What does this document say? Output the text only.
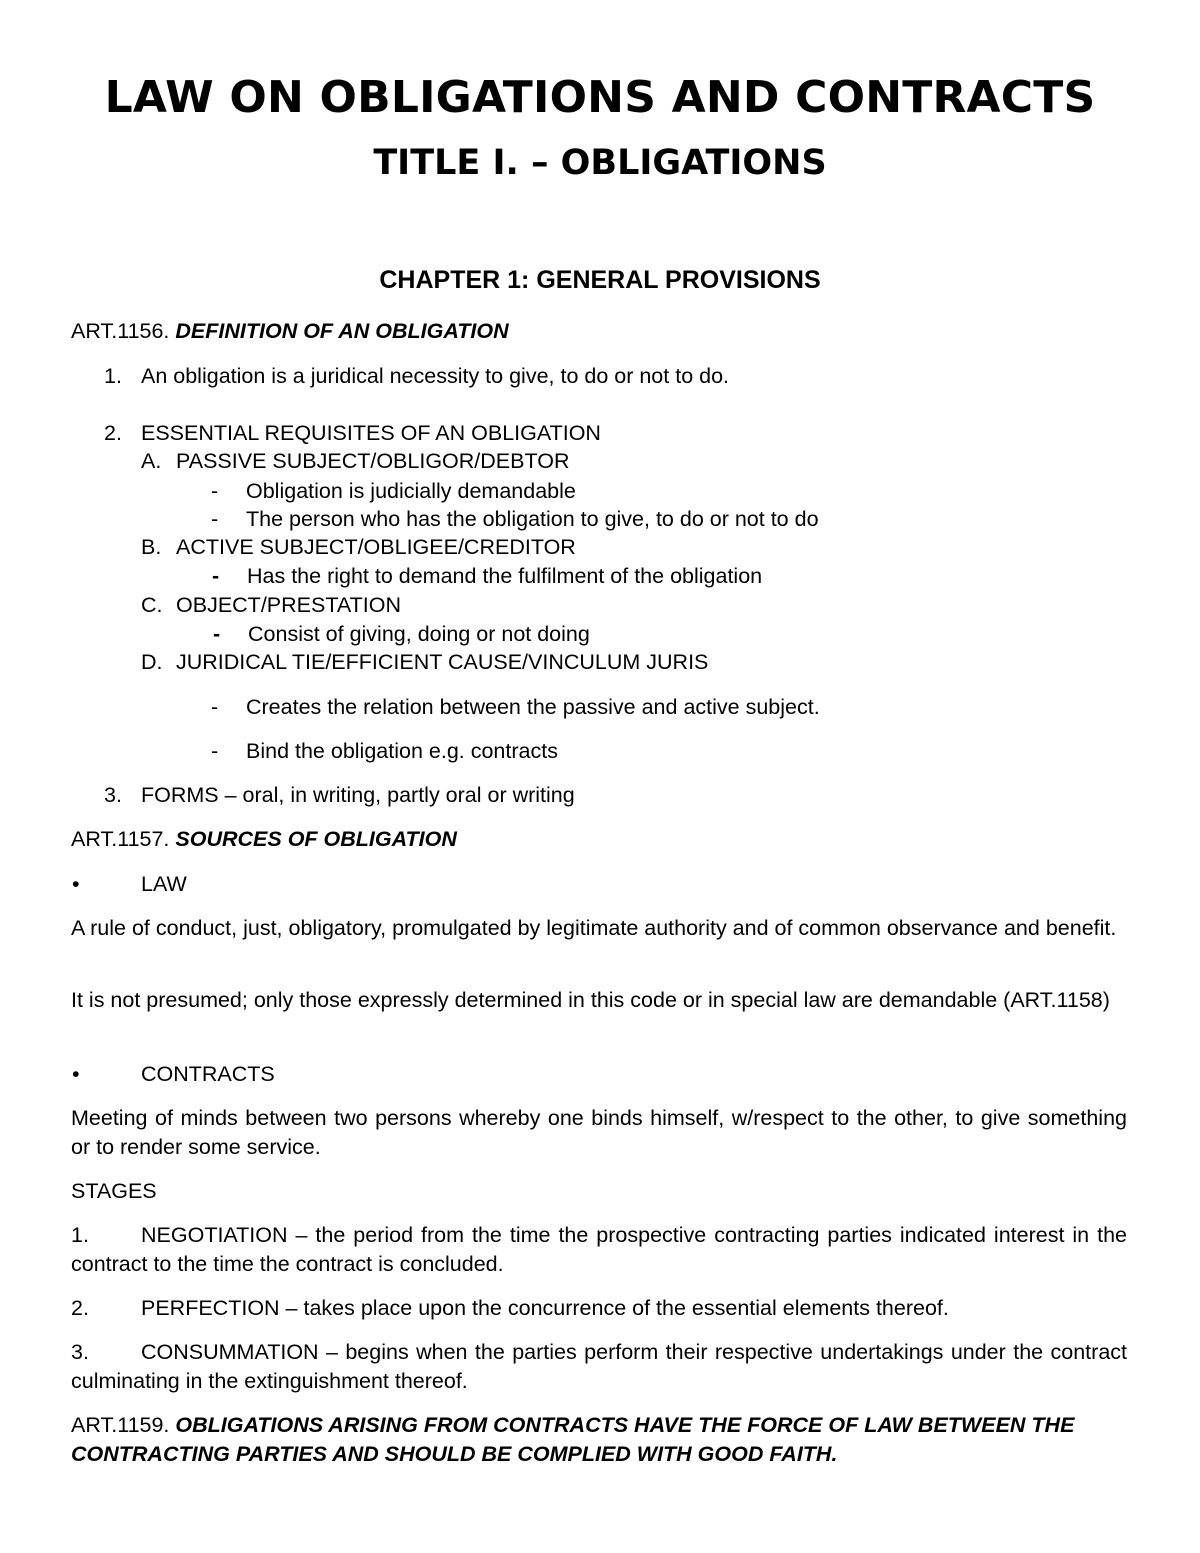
LAW ON OBLIGATIONS AND CONTRACTS
TITLE I. – OBLIGATIONS
CHAPTER 1: GENERAL PROVISIONS
ART.1156. DEFINITION OF AN OBLIGATION
1. An obligation is a juridical necessity to give, to do or not to do.
2. ESSENTIAL REQUISITES OF AN OBLIGATION
A. PASSIVE SUBJECT/OBLIGOR/DEBTOR
- Obligation is judicially demandable
- The person who has the obligation to give, to do or not to do
B. ACTIVE SUBJECT/OBLIGEE/CREDITOR
- Has the right to demand the fulfilment of the obligation
C. OBJECT/PRESTATION
- Consist of giving, doing or not doing
D. JURIDICAL TIE/EFFICIENT CAUSE/VINCULUM JURIS
- Creates the relation between the passive and active subject.
- Bind the obligation e.g. contracts
3. FORMS – oral, in writing, partly oral or writing
ART.1157. SOURCES OF OBLIGATION
•	LAW
A rule of conduct, just, obligatory, promulgated by legitimate authority and of common observance and benefit.
It is not presumed; only those expressly determined in this code or in special law are demandable (ART.1158)
•	CONTRACTS
Meeting of minds between two persons whereby one binds himself, w/respect to the other, to give something or to render some service.
STAGES
1. NEGOTIATION – the period from the time the prospective contracting parties indicated interest in the contract to the time the contract is concluded.
2. PERFECTION – takes place upon the concurrence of the essential elements thereof.
3. CONSUMMATION – begins when the parties perform their respective undertakings under the contract culminating in the extinguishment thereof.
ART.1159. OBLIGATIONS ARISING FROM CONTRACTS HAVE THE FORCE OF LAW BETWEEN THE CONTRACTING PARTIES AND SHOULD BE COMPLIED WITH GOOD FAITH.
